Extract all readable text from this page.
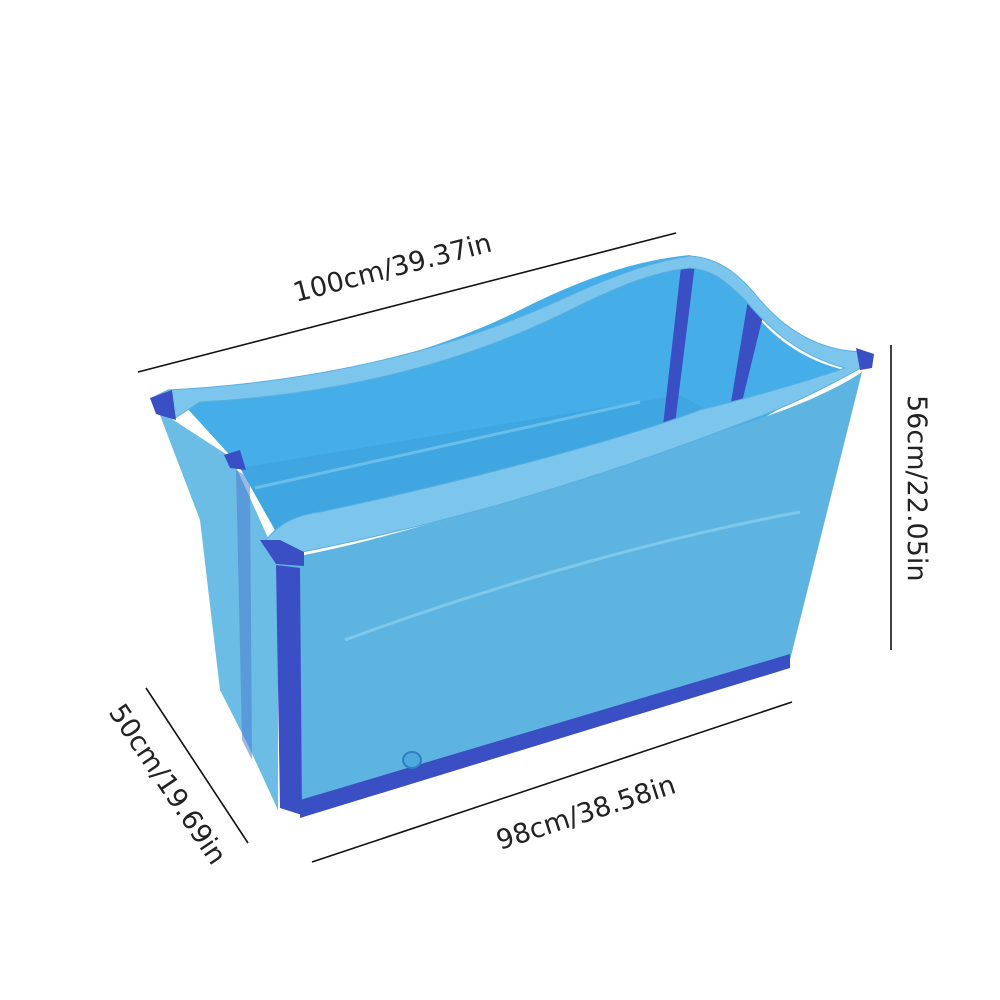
100cm/39.37in
56cm/22.05in
98cm/38.58in
50cm/19.69in
